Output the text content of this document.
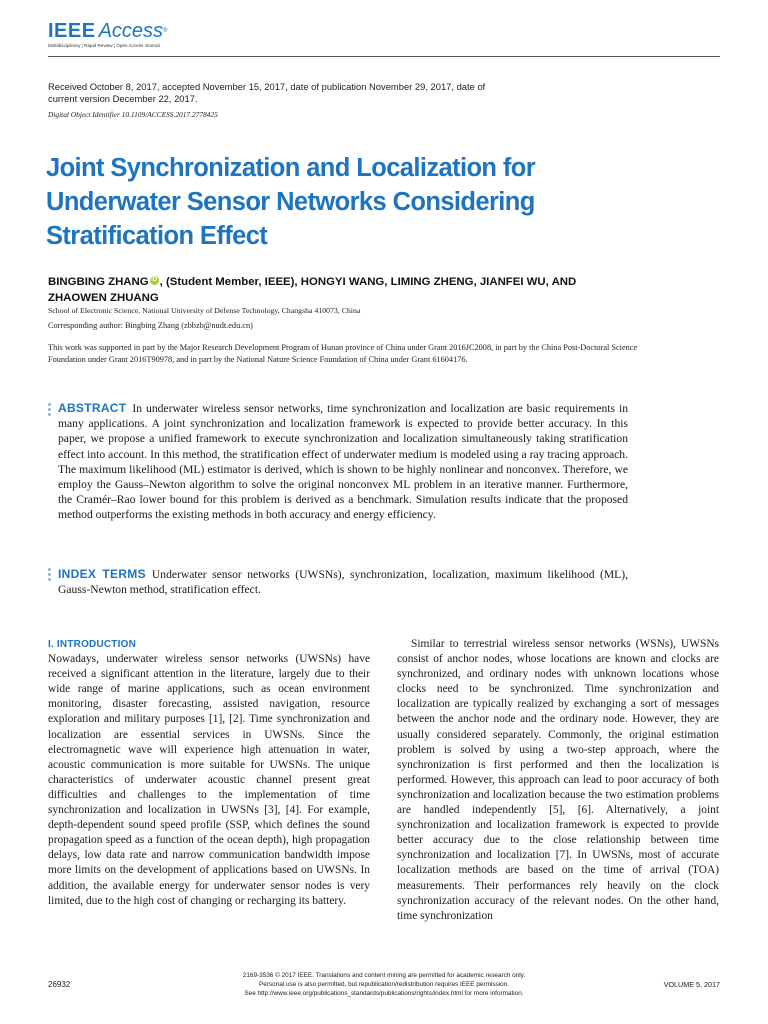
IEEE Access®
Multidisciplinary ¦ Rapid Review ¦ Open Access Journal
Received October 8, 2017, accepted November 15, 2017, date of publication November 29, 2017, date of current version December 22, 2017.
Digital Object Identifier 10.1109/ACCESS.2017.2778425
Joint Synchronization and Localization for Underwater Sensor Networks Considering Stratification Effect
BINGBING ZHANG iD , (Student Member, IEEE), HONGYI WANG, LIMING ZHENG, JIANFEI WU, AND ZHAOWEN ZHUANG
School of Electronic Science, National University of Defense Technology, Changsha 410073, China
Corresponding author: Bingbing Zhang (zbbzb@nudt.edu.cn)
This work was supported in part by the Major Research Development Program of Hunan province of China under Grant 2016JC2008, in part by the China Post-Doctoral Science Foundation under Grant 2016T90978, and in part by the National Nature Science Foundation of China under Grant 61604176.
ABSTRACT In underwater wireless sensor networks, time synchronization and localization are basic requirements in many applications. A joint synchronization and localization framework is expected to provide better accuracy. In this paper, we propose a unified framework to execute synchronization and localization simultaneously taking stratification effect into account. In this method, the stratification effect of underwater medium is modeled using a ray tracing approach. The maximum likelihood (ML) estimator is derived, which is shown to be highly nonlinear and nonconvex. Therefore, we employ the Gauss–Newton algorithm to solve the original nonconvex ML problem in an iterative manner. Furthermore, the Cramér–Rao lower bound for this problem is derived as a benchmark. Simulation results indicate that the proposed method outperforms the existing methods in both accuracy and energy efficiency.
INDEX TERMS Underwater sensor networks (UWSNs), synchronization, localization, maximum likelihood (ML), Gauss-Newton method, stratification effect.
I. INTRODUCTION

Nowadays, underwater wireless sensor networks (UWSNs) have received a significant attention in the literature, largely due to their wide range of marine applications, such as ocean environment monitoring, disaster forecasting, assisted navigation, resource exploration and military purposes [1], [2]. Time synchronization and localization are essential services in UWSNs. Since the electromagnetic wave will experience high attenuation in water, acoustic communication is more suitable for UWSNs. The unique characteristics of underwater acoustic channel present great difficulties and challenges to the implementation of time synchronization and localization in UWSNs [3], [4]. For example, depth-dependent sound speed profile (SSP, which defines the sound propagation speed as a function of the ocean depth), high propagation delays, low data rate and narrow communication bandwidth impose more limits on the development of applications based on UWSNs. In addition, the available energy for underwater sensor nodes is very limited, due to the high cost of changing or recharging its battery.

Similar to terrestrial wireless sensor networks (WSNs), UWSNs consist of anchor nodes, whose locations are known and clocks are synchronized, and ordinary nodes with unknown locations whose clocks need to be synchronized. Time synchronization and localization are typically realized by exchanging a sort of messages between the anchor node and the ordinary node. However, they are usually considered separately. Commonly, the original estimation problem is solved by using a two-step approach, where the synchronization is first performed and then the localization is performed. However, this approach can lead to poor accuracy of both synchronization and localization because the two estimation problems are handled independently [5], [6]. Alternatively, a joint synchronization and localization framework is expected to provide better accuracy due to the close relationship between time synchronization and localization [7]. In UWSNs, most of accurate localization methods are based on the time of arrival (TOA) measurements. Their performances rely heavily on the clock synchronization accuracy of the relevant nodes. On the other hand, time synchronization

26932
2169-3536 © 2017 IEEE. Translations and content mining are permitted for academic research only.
Personal use is also permitted, but republication/redistribution requires IEEE permission.
See http://www.ieee.org/publications_standards/publications/rights/index.html for more information.
VOLUME 5, 2017
